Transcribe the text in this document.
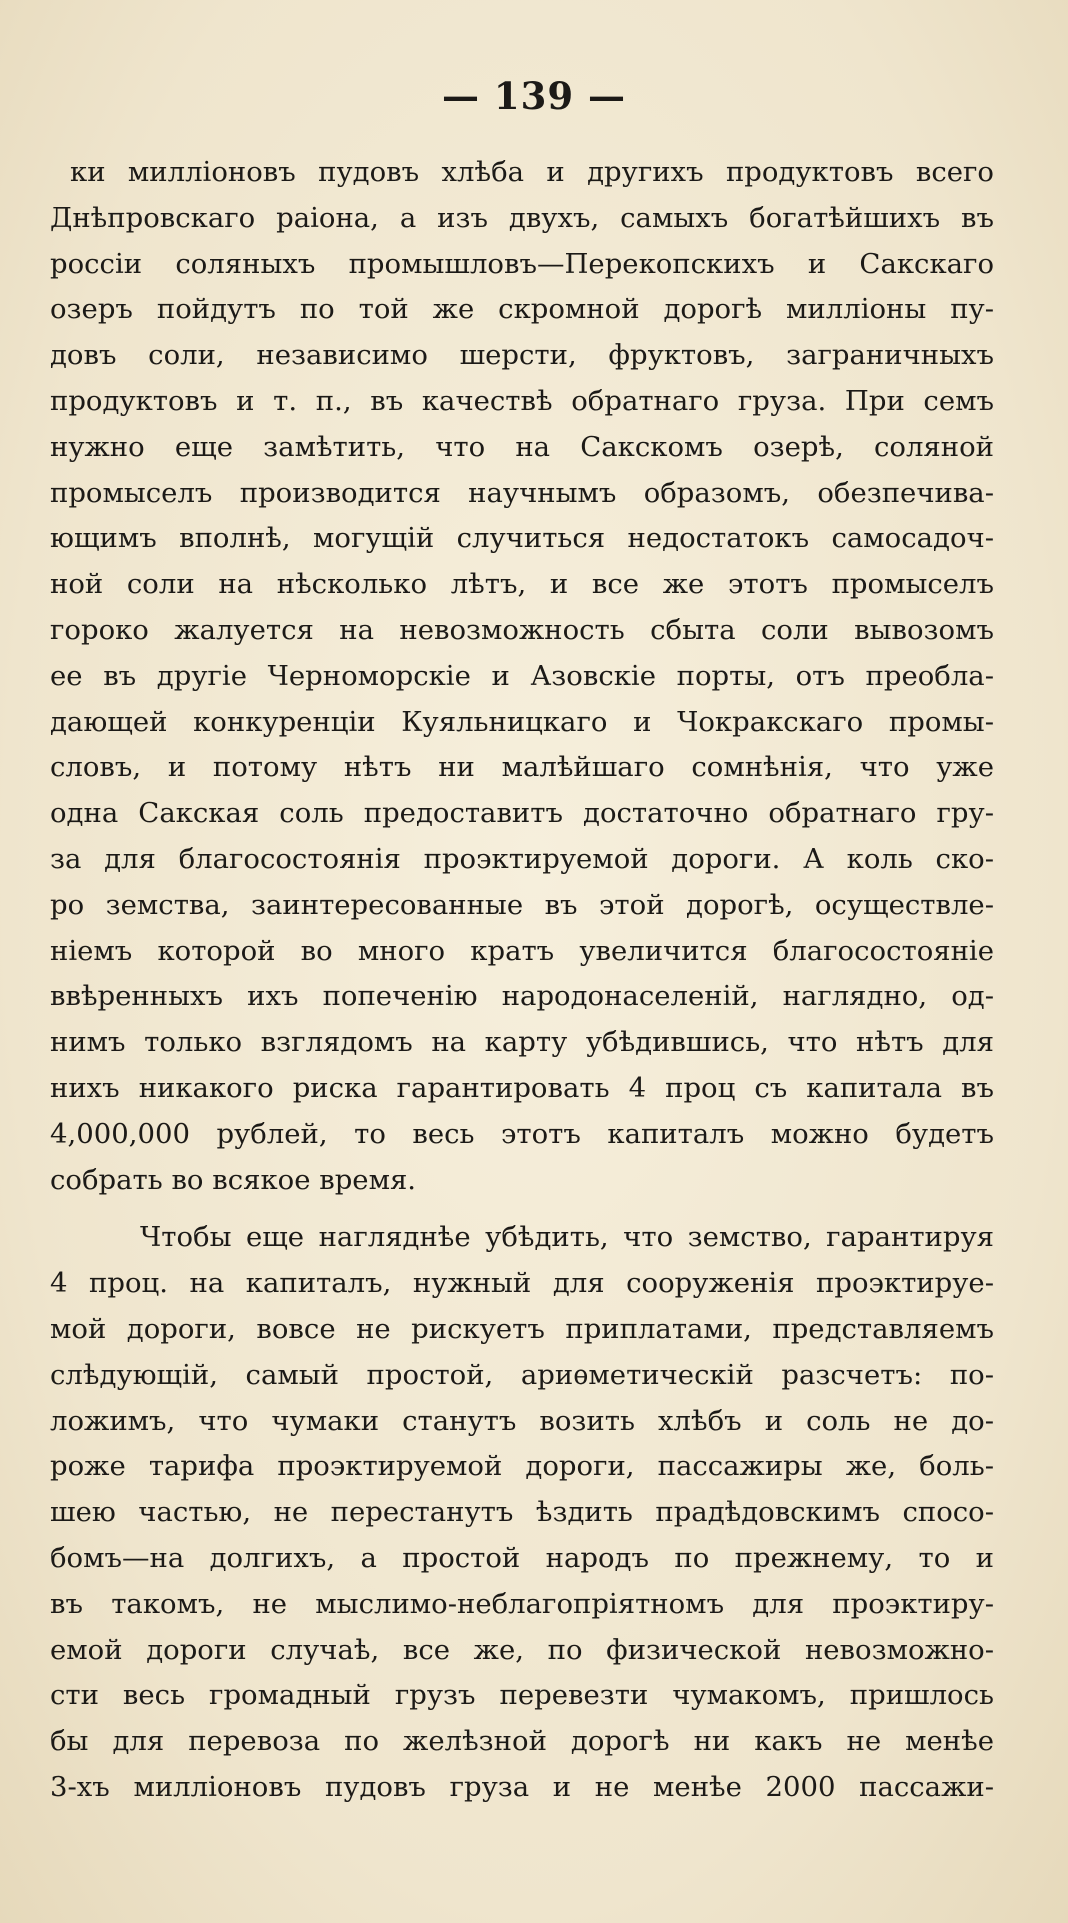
— 139 —
ки милліоновъ пудовъ хлѣба и другихъ продуктовъ всего
Днѣпровскаго раіона, а изъ двухъ, самыхъ богатѣйшихъ въ
россіи соляныхъ промышловъ—Перекопскихъ и Сакскаго
озеръ пойдутъ по той же скромной дорогѣ милліоны пу-
довъ соли, независимо шерсти, фруктовъ, заграничныхъ
продуктовъ и т. п., въ качествѣ обратнаго груза. При семъ
нужно еще замѣтить, что на Сакскомъ озерѣ, соляной
промыселъ производится научнымъ образомъ, обезпечива-
ющимъ вполнѣ, могущій случиться недостатокъ самосадоч-
ной соли на нѣсколько лѣтъ, и все же этотъ промыселъ
гороко жалуется на невозможность сбыта соли вывозомъ
ее въ другіе Черноморскіе и Азовскіе порты, отъ преобла-
дающей конкуренціи Куяльницкаго и Чокракскаго промы-
словъ, и потому нѣтъ ни малѣйшаго сомнѣнія, что уже
одна Сакская соль предоставитъ достаточно обратнаго гру-
за для благосостоянія проэктируемой дороги. А коль ско-
ро земства, заинтересованные въ этой дорогѣ, осуществле-
ніемъ которой во много кратъ увеличится благосостояніе
ввѣренныхъ ихъ попеченію народонаселеній, наглядно, од-
нимъ только взглядомъ на карту убѣдившись, что нѣтъ для
нихъ никакого риска гарантировать 4 проц съ капитала въ
4,000,000 рублей, то весь этотъ капиталъ можно будетъ
собрать во всякое время.
Чтобы еще нагляднѣе убѣдить, что земство, гарантируя
4 проц. на капиталъ, нужный для сооруженія проэктируе-
мой дороги, вовсе не рискуетъ приплатами, представляемъ
слѣдующій, самый простой, ариѳметическій разсчетъ: по-
ложимъ, что чумаки станутъ возить хлѣбъ и соль не до-
роже тарифа проэктируемой дороги, пассажиры же, боль-
шею частью, не перестанутъ ѣздить прадѣдовскимъ спосо-
бомъ—на долгихъ, а простой народъ по прежнему, то и
въ такомъ, не мыслимо-неблагопріятномъ для проэктиру-
емой дороги случаѣ, все же, по физической невозможно-
сти весь громадный грузъ перевезти чумакомъ, пришлось
бы для перевоза по желѣзной дорогѣ ни какъ не менѣе
3-хъ милліоновъ пудовъ груза и не менѣе 2000 пассажи-
